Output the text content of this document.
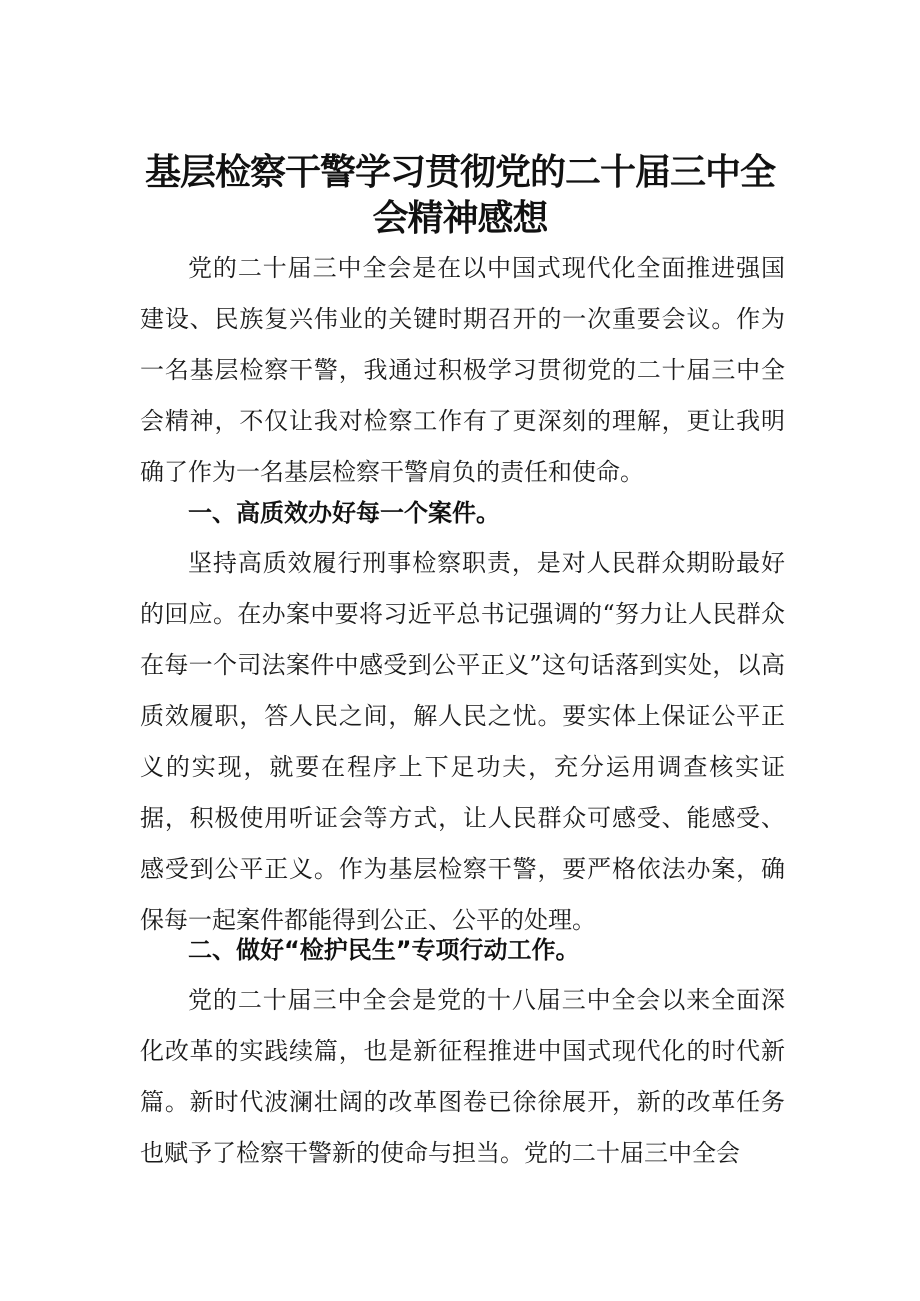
基层检察干警学习贯彻党的二十届三中全
会精神感想

党的二十届三中全会是在以中国式现代化全面推进强国建设、民族复兴伟业的关键时期召开的一次重要会议。作为一名基层检察干警，我通过积极学习贯彻党的二十届三中全会精神，不仅让我对检察工作有了更深刻的理解，更让我明确了作为一名基层检察干警肩负的责任和使命。

一、高质效办好每一个案件。

坚持高质效履行刑事检察职责，是对人民群众期盼最好的回应。在办案中要将习近平总书记强调的“努力让人民群众在每一个司法案件中感受到公平正义”这句话落到实处，以高质效履职，答人民之间，解人民之忧。要实体上保证公平正义的实现，就要在程序上下足功夫，充分运用调查核实证据，积极使用听证会等方式，让人民群众可感受、能感受、感受到公平正义。作为基层检察干警，要严格依法办案，确保每一起案件都能得到公正、公平的处理。

二、做好“检护民生”专项行动工作。

党的二十届三中全会是党的十八届三中全会以来全面深化改革的实践续篇，也是新征程推进中国式现代化的时代新篇。新时代波澜壮阔的改革图卷已徐徐展开，新的改革任务也赋予了检察干警新的使命与担当。党的二十届三中全会
